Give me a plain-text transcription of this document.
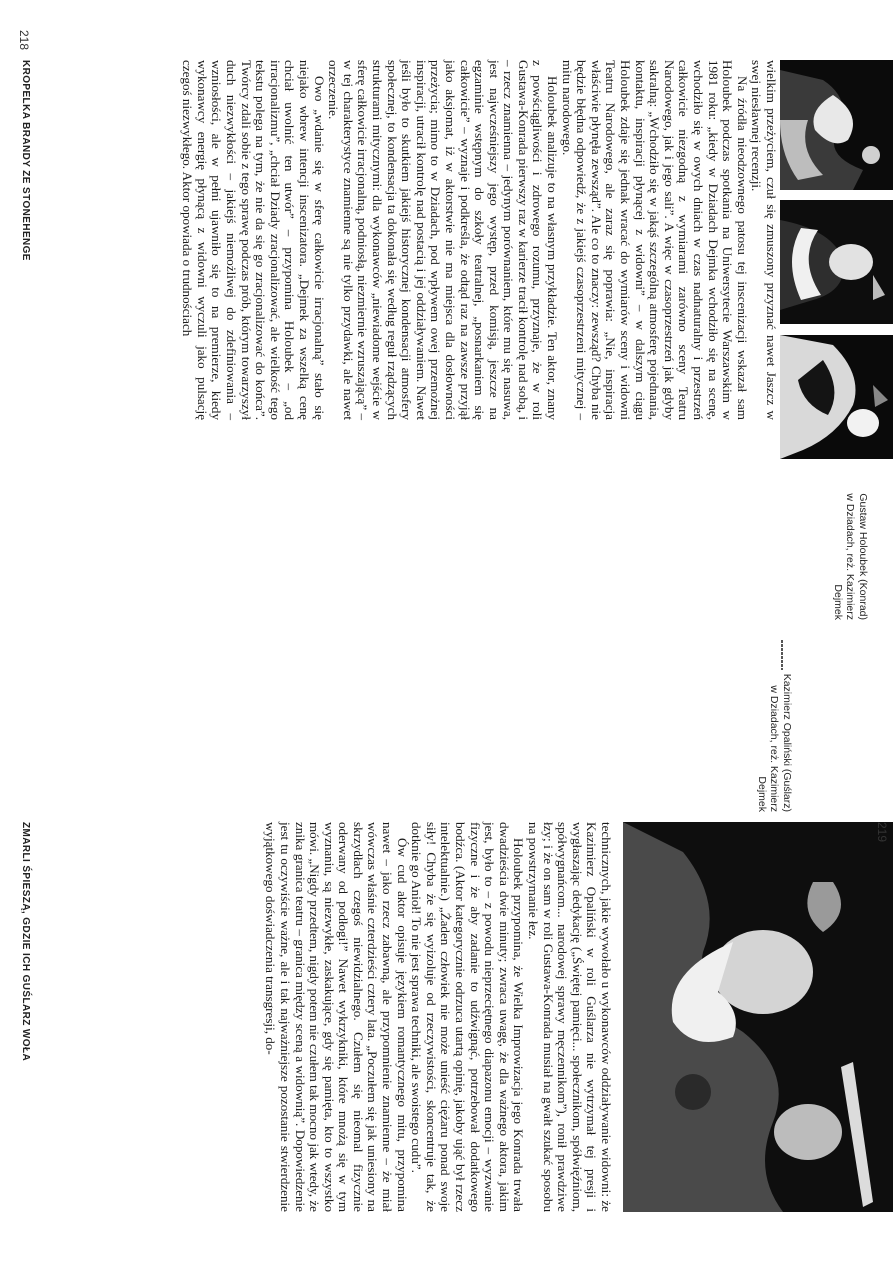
Gustaw Holoubek (Konrad)
w Dziadach, reż. Kazimierz
Dejmek
KROPELKA BRANDY ZE STONEHENGE	wielkim przeżyciem, czuł się zmuszony przyznać nawet Jaszcz w swej niesławnej recenzji.

Na źródła nieodzownego patosu tej inscenizacji wskazał sam Holoubek podczas spotkania na Uniwersytecie Warszawskim w 1981 roku: „kiedy w Dziadach Dejmka wchodziło się na scenę, wchodziło się w owych dniach w czas nadnaturalny i przestrzeń całkowicie niezgodną z wymiarami zarówno sceny Teatru Narodowego, jak i jego sali”. A więc w czasoprzestrzeń jak gdyby sakralną: „Wchodziło się w jakąś szczególną atmosferę pojednania, kontaktu, inspiracji płynącej z widowni” – w dalszym ciągu Holoubek zdaje się jednak wracać do wymiarów sceny i widowni Teatru Narodowego, ale zaraz się poprawia: „Nie, inspiracja właściwie płynęła zewsząd”. Ale co to znaczy: zewsząd? Chyba nie będzie błędna odpowiedź, że z jakiejś czasoprzestrzeni mitycznej – mitu narodowego.

Holoubek analizuje to na własnym przykładzie. Ten aktor, znany z powściągliwości i zdrowego rozumu, przyznaje, że w roli Gustawa-Konrada pierwszy raz w karierze tracił kontrolę nad sobą, i – rzecz znamienna – jedynym porównaniem, które mu się nasuwa, jest najwcześniejszy jego występ, przed komisją, jeszcze na egzaminie wstępnym do szkoły teatralnej, „posnarkaniem się całkowicie” – wyznaje i podkreśla, że odtąd raz na zawsze przyjął jako aksjomat, iż w aktorstwie nie ma miejsca dla dosłowności przeżycia; mimo to w Dziadach, pod wpływem owej przemożnej inspiracji, utracił kontrolę nad postacią i jej oddziaływaniem. Nawet jeśli było to skutkiem jakiejś historycznej kondensacji atmosfery społecznej, to kondensacja ta dokonała się według reguł rządzących strukturami mitycznymi: dla wykonawców „niewiadome wejście w sferę całkowicie irracjonalną, podniosłą, niezmiernie wzruszającą” – w tej charakterystyce znamienne są nie tylko przydawki, ale nawet orzeczenie.

Owo „wdanie się w sferę całkowicie irracjonalną” stało się niejako wbrew intencji inscenizatora. „Dejmek za wszelką cenę chciał uwolnić ten utwór” – przypomina Holoubek – „od irracjonalizmu”, „chciał Dziady zracjonalizować, ale wielkość tego tekstu polega na tym, że nie da się go zracjonalizować do końca”. Twórcy zdali sobie z tego sprawę podczas prób, którym towarzyszył duch niezwykłości – jakiejś niemożliwej do zdefiniowania – wzniosłości, ale w pełni ujawniło się to na premierze, kiedy wykonawcy energię płynącą z widowni wyczuli jako pulsację czegoś niezwykłego. Aktor opowiada o trudnościach

218
Kazimierz Opaliński (Guślarz)
w Dziadach, reż. Kazimierz
Dejmek
ZMARLI ŚPIESZĄ, GDZIE ICH GUŚLARZ WOŁA	technicznych, jakie wywołało u wykonawców oddziaływanie widowni: że Kazimierz Opaliński w roli Guślarza nie wytrzymał tej presji i wygłaszając dedykację („Świętej pamięci... społecznikom, spółwięźniom, spółwygnańcom... narodowej sprawy męczennikom”), ronił prawdziwe łzy; i że on sam w roli Gustawa-Konrada musiał na gwałt szukać sposobu na powstrzymanie łez.

Holoubek przypomina, że Wielka Improwizacja jego Konrada trwała dwadzieścia dwie minuty; zwraca uwagę, że dla ważnego aktora, jakim jest, było to – z powodu nieprzeciętnego diapazonu emocji – wyzwanie fizyczne i że aby zadanie to udźwignąć, potrzebował dodatkowego bodźca. (Aktor kategorycznie odrzuca utartą opinię, jakoby ująć był rzecz intelektualnie.) „Żaden człowiek nie może unieść ciężaru ponad swoje siły! Chyba że się wyizoluje od rzeczywistości, skoncentruje tak, że dotknie go Anioł! To nie jest sprawa techniki, ale swoistego cudu”.

Ów cud aktor opisuje językiem romantycznego mitu, przypomina nawet – jako rzecz zabawną, ale przypomnienie znamienne – że miał wówczas właśnie czterdzieści cztery lata. „Poczułem się jak uniesiony na skrzydłach czegoś niewidzialnego. Czułem się nieomal fizycznie oderwany od podłogi!” Nawet wykrzykniki, które mnożą się w tym wyznaniu, są niezwykłe, zaskakujące, gdy się pamięta, kto to wszystko mówi. „Nigdy przedtem, nigdy potem nie czułem tak mocno jak wtedy, że znika granica teatru – granica między sceną a widownią”. Dopowiedzenie jest tu oczywiście ważne, ale i tak najważniejsze pozostanie stwierdzenie wyjątkowego doświadczenia transgresji, do-	219
